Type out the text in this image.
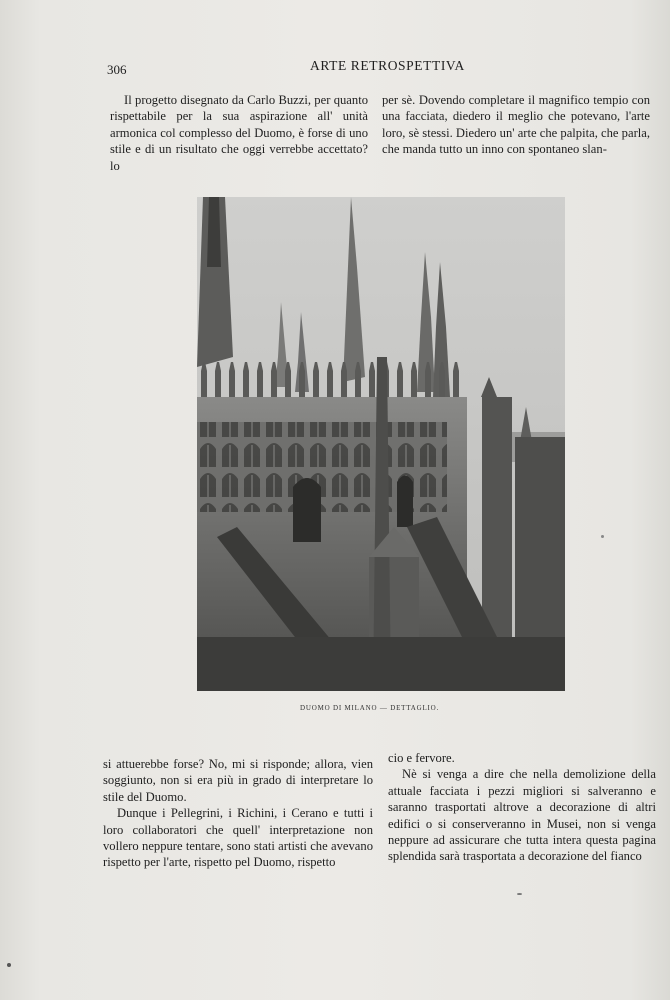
306	ARTE RETROSPETTIVA

Il progetto disegnato da Carlo Buzzi, per quanto rispettabile per la sua aspirazione all' unità armonica col complesso del Duomo, è forse di uno stile e di un risultato che oggi verrebbe accettato? lo

per sè. Dovendo completare il magnifico tempio con una facciata, diedero il meglio che potevano, l'arte loro, sè stessi. Diedero un' arte che palpita, che parla, che manda tutto un inno con spontaneo slan-

DUOMO DI MILANO — DETTAGLIO.

si attuerebbe forse? No, mi si risponde; allora, vien soggiunto, non si era più in grado di interpretare lo stile del Duomo.

Dunque i Pellegrini, i Richini, i Cerano e tutti i loro collaboratori che quell' interpretazione non vollero neppure tentare, sono stati artisti che avevano rispetto per l'arte, rispetto pel Duomo, rispetto

cio e fervore.

Nè si venga a dire che nella demolizione della attuale facciata i pezzi migliori si salveranno e saranno trasportati altrove a decorazione di altri edifici o si conserveranno in Musei, non si venga neppure ad assicurare che tutta intera questa pagina splendida sarà trasportata a decorazione del fianco
